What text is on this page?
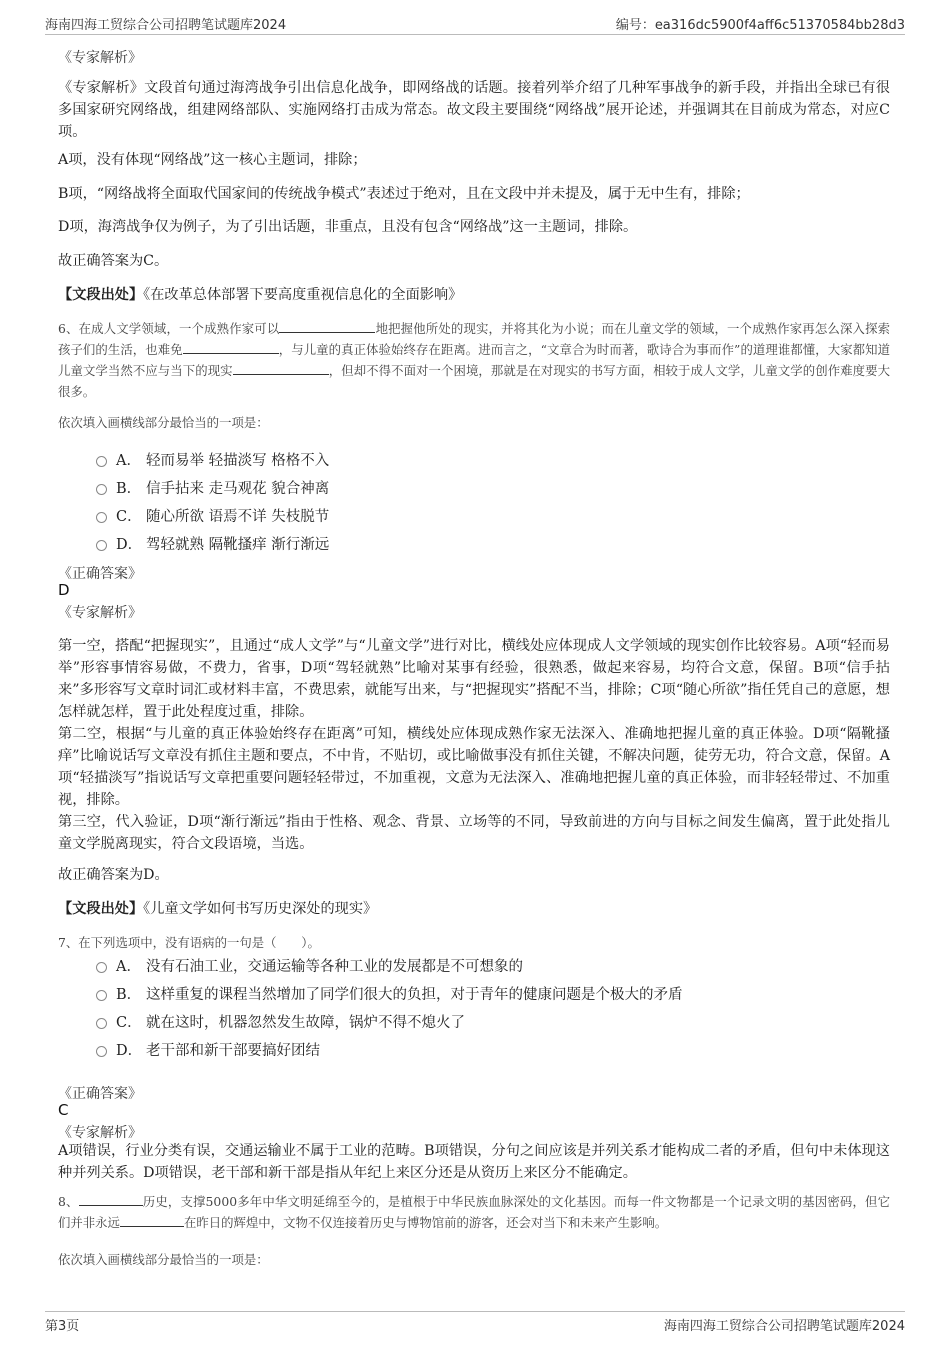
海南四海工贸综合公司招聘笔试题库2024	编号：ea316dc5900f4aff6c51370584bb28d3
《专家解析》
《专家解析》文段首句通过海湾战争引出信息化战争，即网络战的话题。接着列举介绍了几种军事战争的新手段，并指出全球已有很多国家研究网络战，组建网络部队、实施网络打击成为常态。故文段主要围绕“网络战”展开论述，并强调其在目前成为常态，对应C项。
A项，没有体现“网络战”这一核心主题词，排除；
B项，“网络战将全面取代国家间的传统战争模式”表述过于绝对，且在文段中并未提及，属于无中生有，排除；
D项，海湾战争仅为例子，为了引出话题，非重点，且没有包含“网络战”这一主题词，排除。
故正确答案为C。
【文段出处】《在改革总体部署下要高度重视信息化的全面影响》
6、在成人文学领域，一个成熟作家可以	地把握他所处的现实，并将其化为小说；而在儿童文学的领域，一个成熟作家再怎么深入探索孩子们的生活，也难免	，与儿童的真正体验始终存在距离。进而言之，“文章合为时而著，歌诗合为事而作”的道理谁都懂，大家都知道儿童文学当然不应与当下的现实	，但却不得不面对一个困境，那就是在对现实的书写方面，相较于成人文学，儿童文学的创作难度要大很多。
依次填入画横线部分最恰当的一项是：
A． 轻而易举 轻描淡写 格格不入
B． 信手拈来 走马观花 貌合神离
C． 随心所欲 语焉不详 失枝脱节
D． 驾轻就熟 隔靴搔痒 渐行渐远
《正确答案》
D
《专家解析》
第一空，搭配“把握现实”，且通过“成人文学”与“儿童文学”进行对比，横线处应体现成人文学领域的现实创作比较容易。A项“轻而易举”形容事情容易做，不费力，省事，D项“驾轻就熟”比喻对某事有经验，很熟悉，做起来容易，均符合文意，保留。B项“信手拈来”多形容写文章时词汇或材料丰富，不费思索，就能写出来，与“把握现实”搭配不当，排除；C项“随心所欲”指任凭自己的意愿，想怎样就怎样，置于此处程度过重，排除。
第二空，根据“与儿童的真正体验始终存在距离”可知，横线处应体现成熟作家无法深入、准确地把握儿童的真正体验。D项“隔靴搔痒”比喻说话写文章没有抓住主题和要点，不中肯，不贴切，或比喻做事没有抓住关键，不解决问题，徒劳无功，符合文意，保留。A项“轻描淡写”指说话写文章把重要问题轻轻带过，不加重视，文意为无法深入、准确地把握儿童的真正体验，而非轻轻带过、不加重视，排除。
第三空，代入验证，D项“渐行渐远”指由于性格、观念、背景、立场等的不同，导致前进的方向与目标之间发生偏离，置于此处指儿童文学脱离现实，符合文段语境，当选。
故正确答案为D。
【文段出处】《儿童文学如何书写历史深处的现实》
7、在下列选项中，没有语病的一句是（　　）。
A． 没有石油工业，交通运输等各种工业的发展都是不可想象的
B． 这样重复的课程当然增加了同学们很大的负担，对于青年的健康问题是个极大的矛盾
C． 就在这时，机器忽然发生故障，锅炉不得不熄火了
D． 老干部和新干部要搞好团结
《正确答案》
C
《专家解析》
A项错误，行业分类有误，交通运输业不属于工业的范畴。B项错误，分句之间应该是并列关系才能构成二者的矛盾，但句中未体现这种并列关系。D项错误，老干部和新干部是指从年纪上来区分还是从资历上来区分不能确定。
8、	历史，支撑5000多年中华文明延绵至今的，是植根于中华民族血脉深处的文化基因。而每一件文物都是一个记录文明的基因密码，但它们并非永远	在昨日的辉煌中，文物不仅连接着历史与博物馆前的游客，还会对当下和未来产生影响。
依次填入画横线部分最恰当的一项是：
第3页	海南四海工贸综合公司招聘笔试题库2024
